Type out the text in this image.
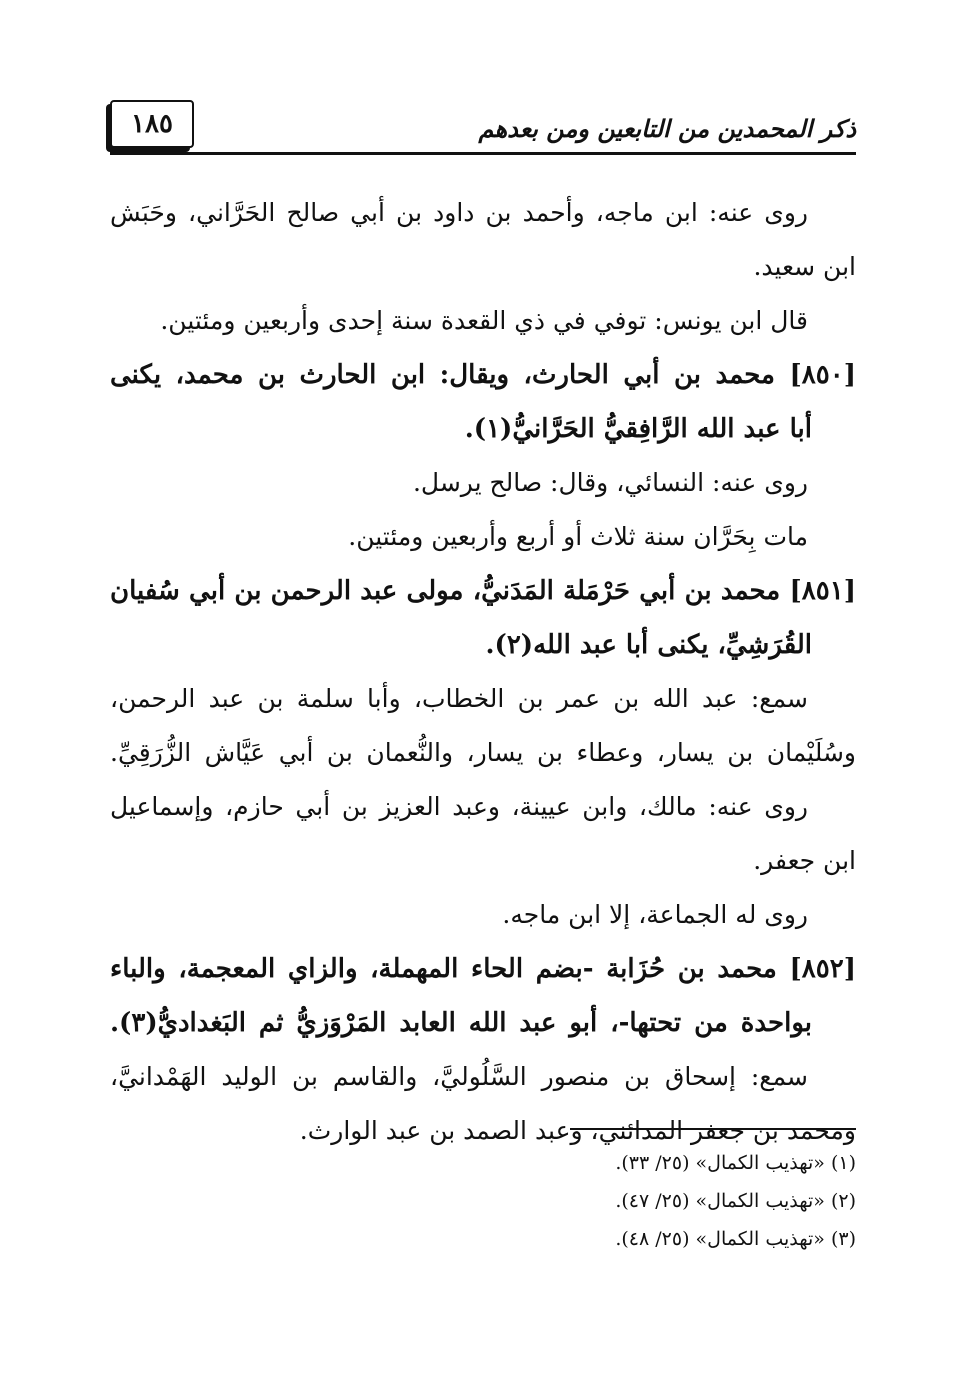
ذكر المحمدين من التابعين ومن بعدهم
١٨٥
روى عنه: ابن ماجه، وأحمد بن داود بن أبي صالح الحَرَّاني، وحَبَش
ابن سعيد.
قال ابن يونس: توفي في ذي القعدة سنة إحدى وأربعين ومئتين.
[٨٥٠] محمد بن أبي الحارث، ويقال: ابن الحارث بن محمد، يكنى
أبا عبد الله الرَّافِقيُّ الحَرَّانيُّ(١).
روى عنه: النسائي، وقال: صالح يرسل.
مات بِحَرَّان سنة ثلاث أو أربع وأربعين ومئتين.
[٨٥١] محمد بن أبي حَرْمَلة المَدَنيُّ، مولى عبد الرحمن بن أبي سُفيان
القُرَشِيِّ، يكنى أبا عبد الله(٢).
سمع: عبد الله بن عمر بن الخطاب، وأبا سلمة بن عبد الرحمن،
وسُلَيْمان بن يسار، وعطاء بن يسار، والنُّعمان بن أبي عَيَّاش الزُّرَقِيِّ.
روى عنه: مالك، وابن عيينة، وعبد العزيز بن أبي حازم، وإسماعيل
ابن جعفر.
روى له الجماعة، إلا ابن ماجه.
[٨٥٢] محمد بن حُزَابة -بضم الحاء المهملة، والزاي المعجمة، والباء
بواحدة من تحتها-، أبو عبد الله العابد المَرْوَزيُّ ثم البَغداديُّ(٣).
سمع: إسحاق بن منصور السَّلُوليَّ، والقاسم بن الوليد الهَمْدانيَّ،
ومحمد بن جعفر المدائني، وعبد الصمد بن عبد الوارث.
(١) «تهذيب الكمال» (٢٥/ ٣٣).
(٢) «تهذيب الكمال» (٢٥/ ٤٧).
(٣) «تهذيب الكمال» (٢٥/ ٤٨).
